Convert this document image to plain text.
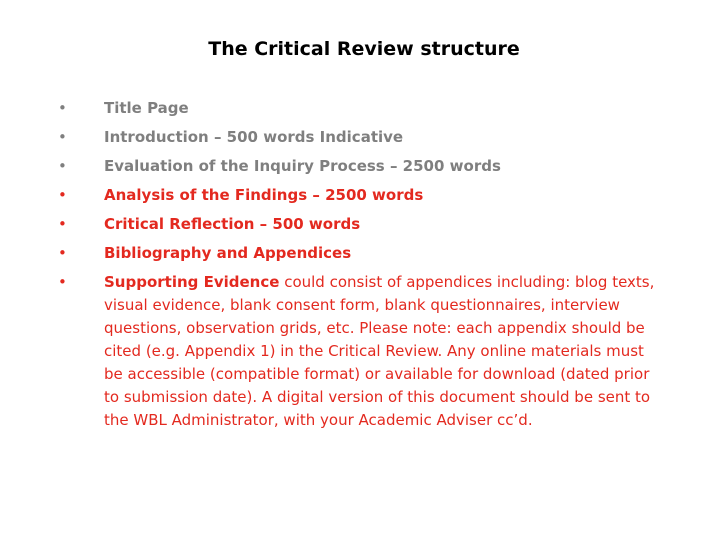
The Critical Review structure
• Title Page
• Introduction – 500 words Indicative
• Evaluation of the Inquiry Process – 2500 words
• Analysis of the Findings – 2500 words
• Critical Reflection – 500 words
• Bibliography and Appendices
• Supporting Evidence could consist of appendices including: blog texts, visual evidence, blank consent form, blank questionnaires, interview questions, observation grids, etc. Please note: each appendix should be cited (e.g. Appendix 1) in the Critical Review. Any online materials must be accessible (compatible format) or available for download (dated prior to submission date). A digital version of this document should be sent to the WBL Administrator, with your Academic Adviser cc’d.
